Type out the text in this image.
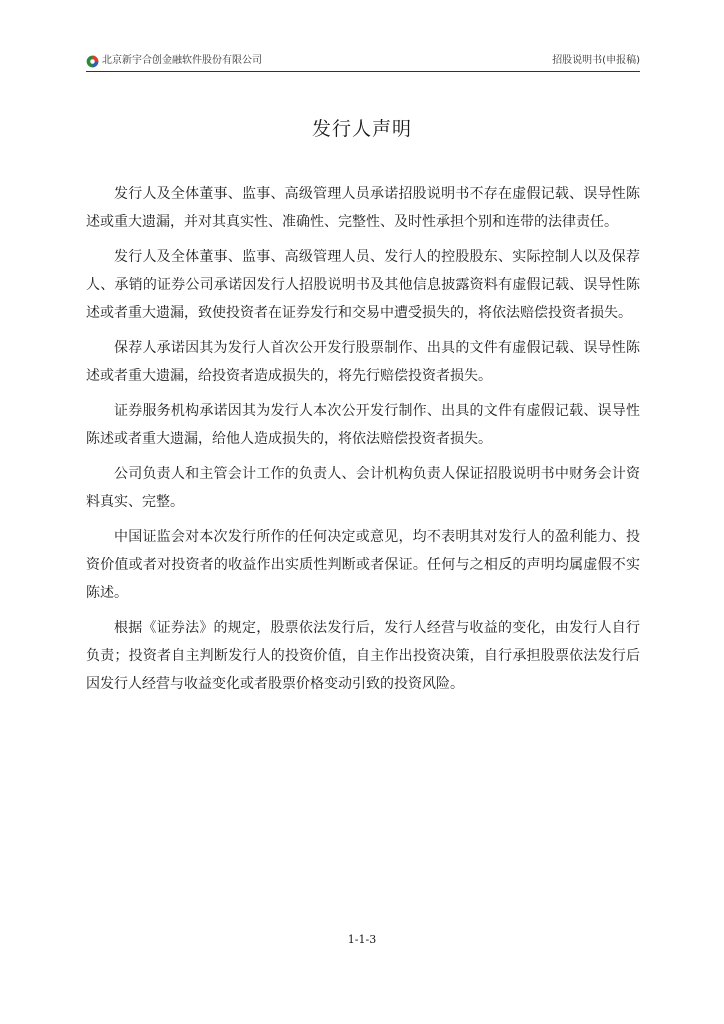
北京新宇合创金融软件股份有限公司	招股说明书(申报稿)
发行人声明

发行人及全体董事、监事、高级管理人员承诺招股说明书不存在虚假记载、误导性陈述或重大遗漏，并对其真实性、准确性、完整性、及时性承担个别和连带的法律责任。

发行人及全体董事、监事、高级管理人员、发行人的控股股东、实际控制人以及保荐人、承销的证券公司承诺因发行人招股说明书及其他信息披露资料有虚假记载、误导性陈述或者重大遗漏，致使投资者在证券发行和交易中遭受损失的，将依法赔偿投资者损失。

保荐人承诺因其为发行人首次公开发行股票制作、出具的文件有虚假记载、误导性陈述或者重大遗漏，给投资者造成损失的，将先行赔偿投资者损失。

证券服务机构承诺因其为发行人本次公开发行制作、出具的文件有虚假记载、误导性陈述或者重大遗漏，给他人造成损失的，将依法赔偿投资者损失。

公司负责人和主管会计工作的负责人、会计机构负责人保证招股说明书中财务会计资料真实、完整。

中国证监会对本次发行所作的任何决定或意见，均不表明其对发行人的盈利能力、投资价值或者对投资者的收益作出实质性判断或者保证。任何与之相反的声明均属虚假不实陈述。

根据《证券法》的规定，股票依法发行后，发行人经营与收益的变化，由发行人自行负责；投资者自主判断发行人的投资价值，自主作出投资决策，自行承担股票依法发行后因发行人经营与收益变化或者股票价格变动引致的投资风险。

1-1-3
